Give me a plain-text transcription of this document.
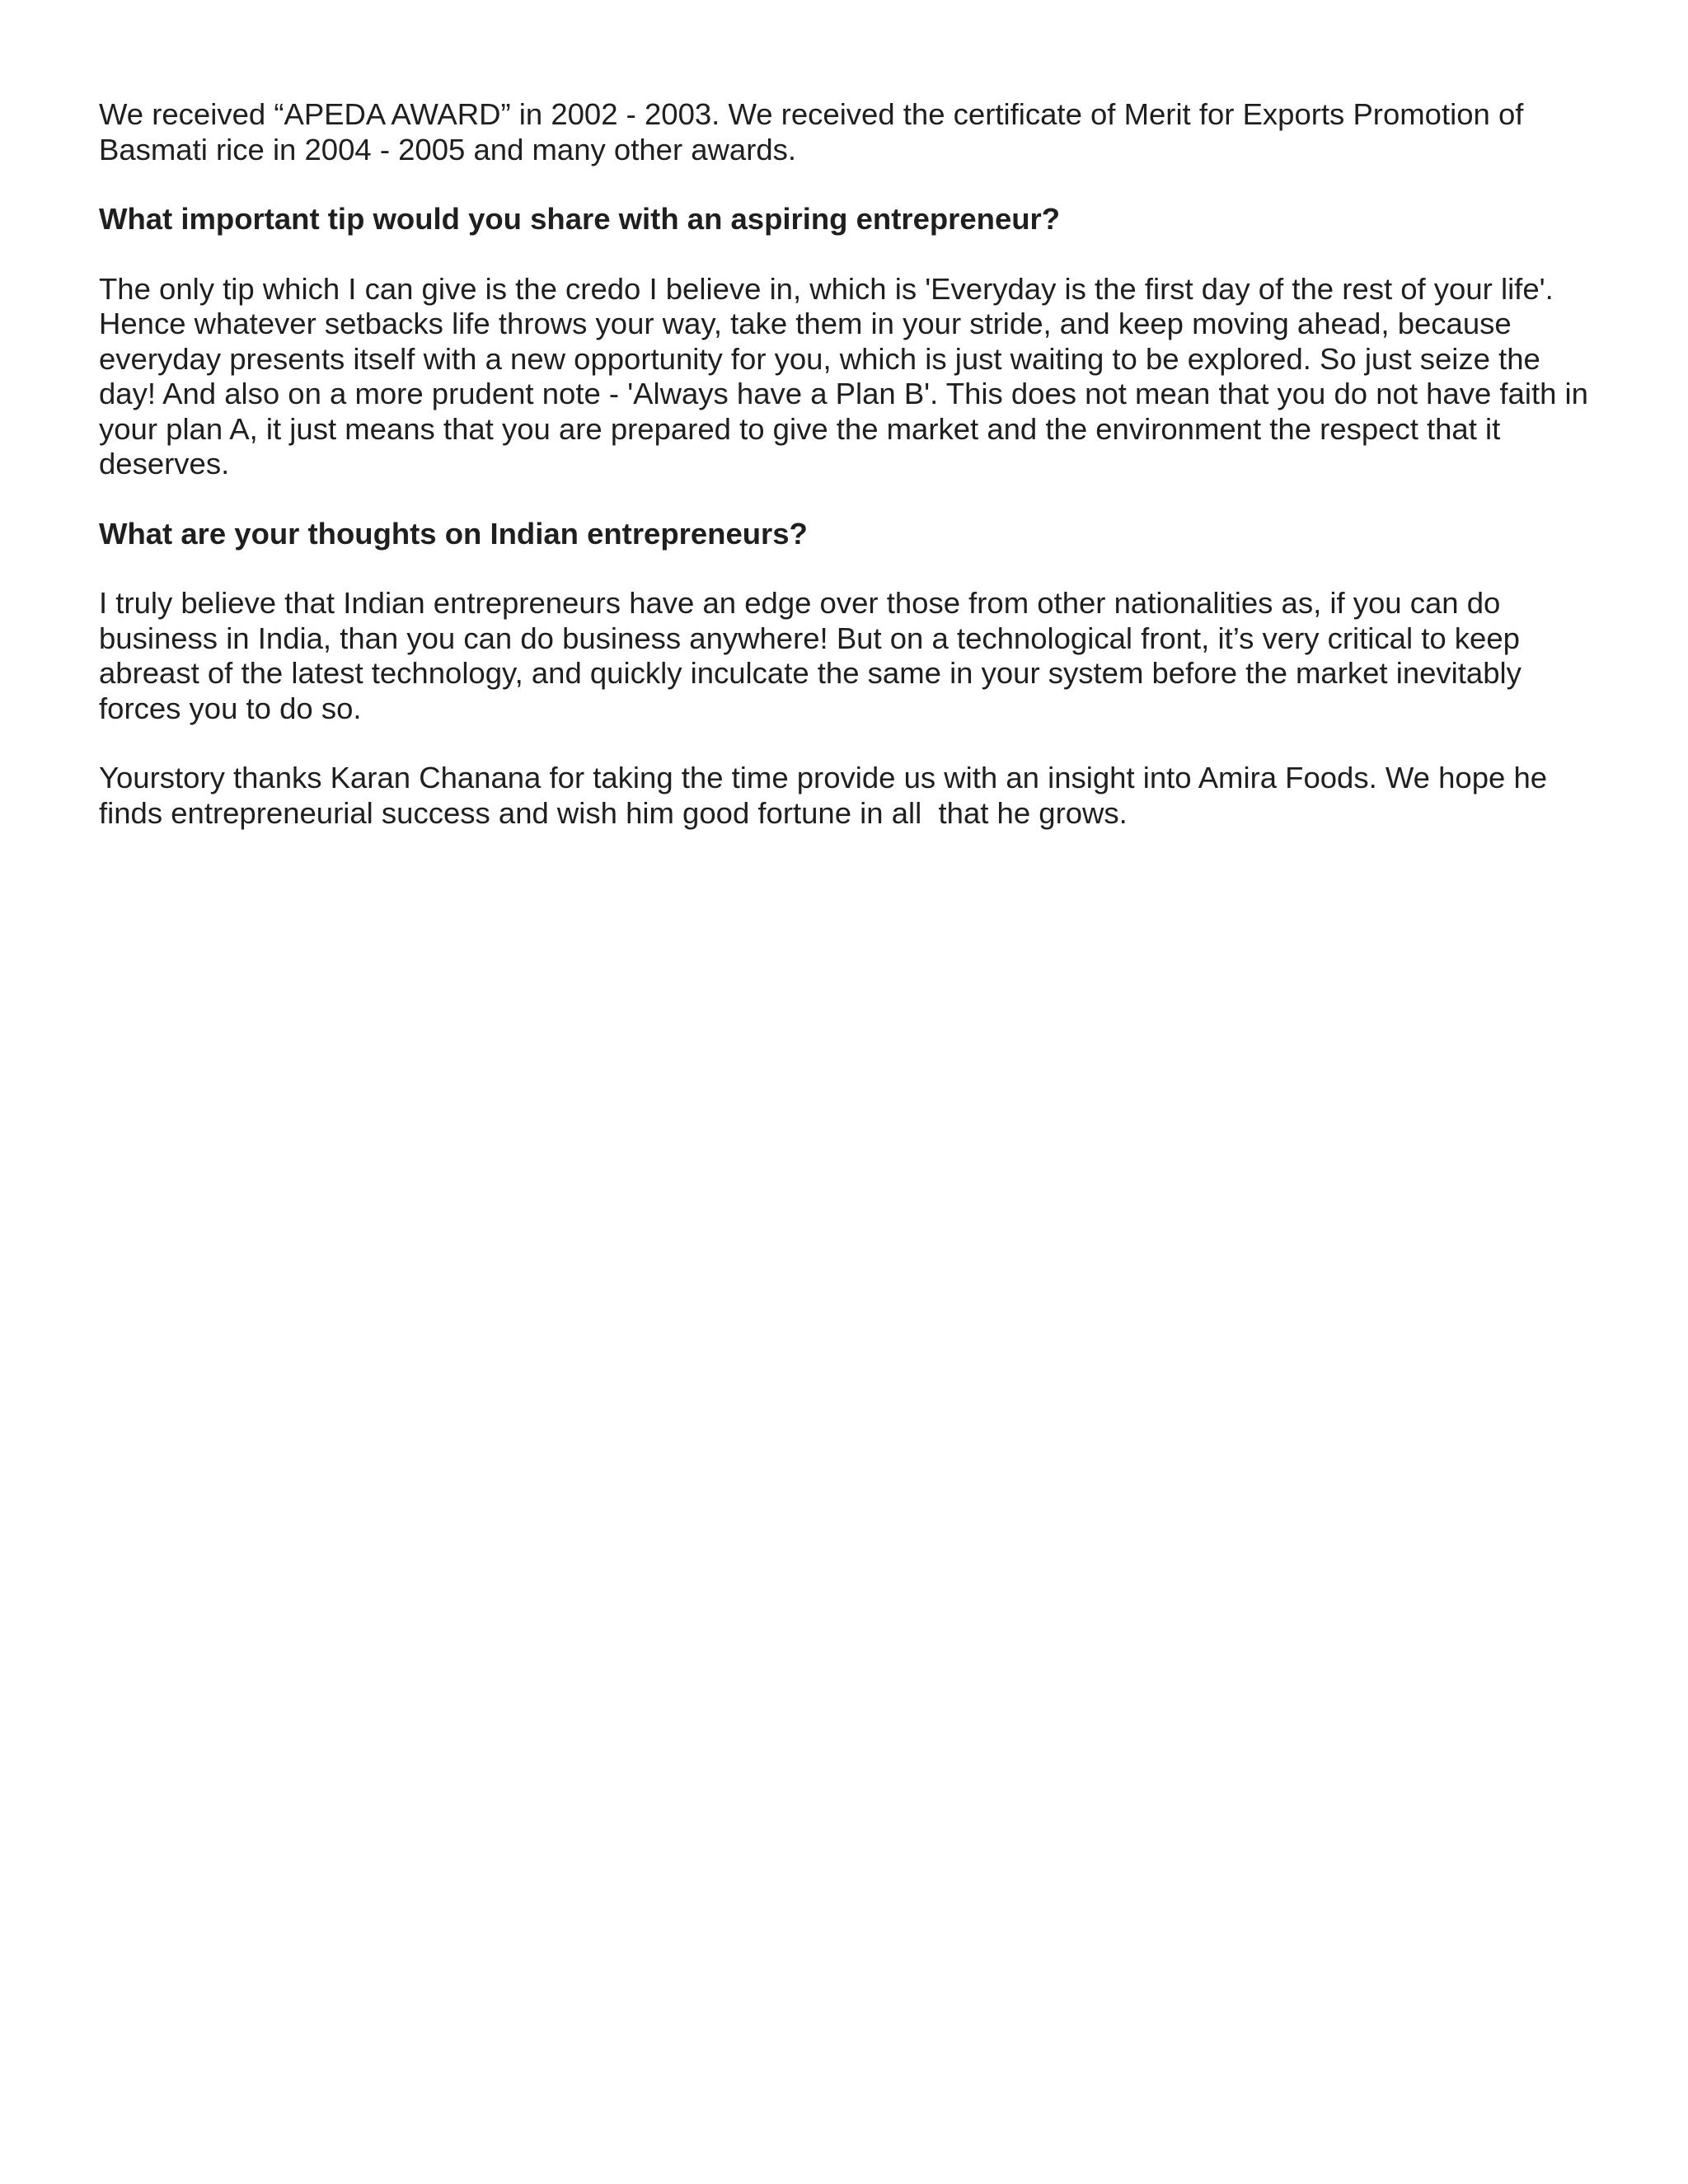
We received “APEDA AWARD” in 2002 - 2003. We received the certificate of Merit for Exports Promotion of Basmati rice in 2004 - 2005 and many other awards.

What important tip would you share with an aspiring entrepreneur?

The only tip which I can give is the credo I believe in, which is 'Everyday is the first day of the rest of your life'. Hence whatever setbacks life throws your way, take them in your stride, and keep moving ahead, because everyday presents itself with a new opportunity for you, which is just waiting to be explored. So just seize the day! And also on a more prudent note - 'Always have a Plan B'. This does not mean that you do not have faith in your plan A, it just means that you are prepared to give the market and the environment the respect that it deserves.

What are your thoughts on Indian entrepreneurs?

I truly believe that Indian entrepreneurs have an edge over those from other nationalities as, if you can do business in India, than you can do business anywhere! But on a technological front, it’s very critical to keep abreast of the latest technology, and quickly inculcate the same in your system before the market inevitably forces you to do so.

Yourstory thanks Karan Chanana for taking the time provide us with an insight into Amira Foods. We hope he finds entrepreneurial success and wish him good fortune in all  that he grows.
